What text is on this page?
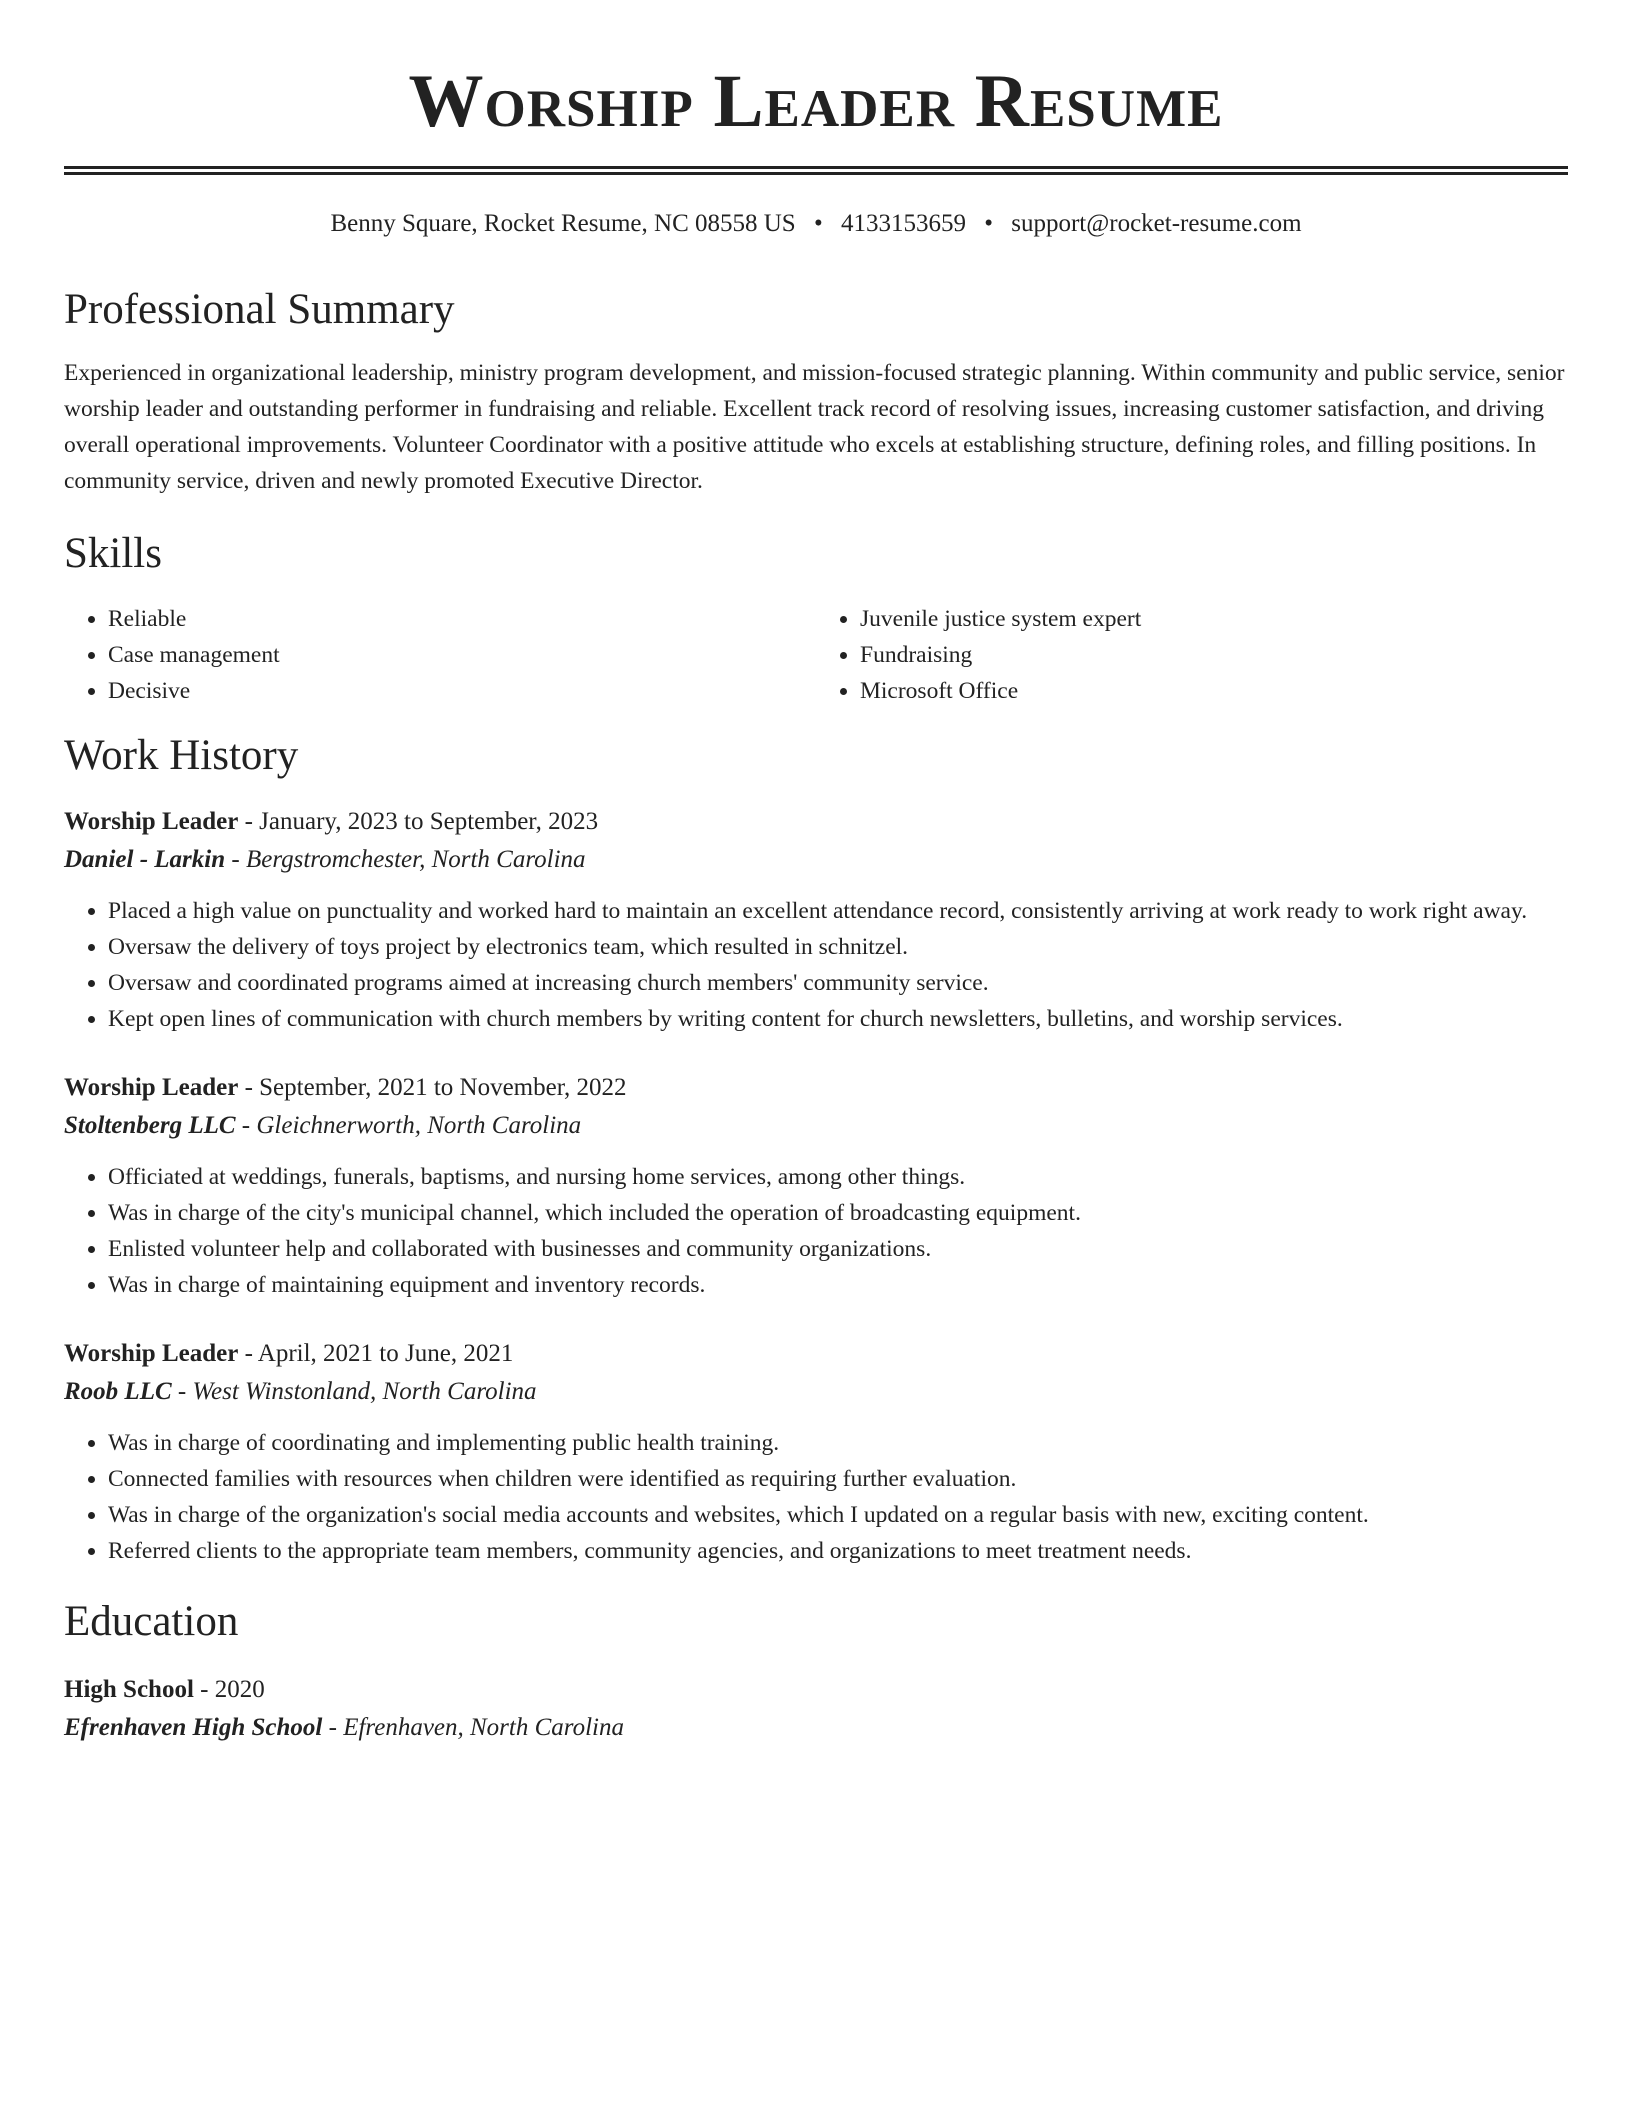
Worship Leader Resume
Benny Square, Rocket Resume, NC 08558 US • 4133153659 • support@rocket-resume.com
Professional Summary

Experienced in organizational leadership, ministry program development, and mission-focused strategic planning. Within community and public service, senior worship leader and outstanding performer in fundraising and reliable. Excellent track record of resolving issues, increasing customer satisfaction, and driving overall operational improvements. Volunteer Coordinator with a positive attitude who excels at establishing structure, defining roles, and filling positions. In community service, driven and newly promoted Executive Director.

Skills
• Reliable
• Case management
• Decisive
• Juvenile justice system expert
• Fundraising
• Microsoft Office
Work History
Worship Leader - January, 2023 to September, 2023
Daniel - Larkin - Bergstromchester, North Carolina
• Placed a high value on punctuality and worked hard to maintain an excellent attendance record, consistently arriving at work ready to work right away.
• Oversaw the delivery of toys project by electronics team, which resulted in schnitzel.
• Oversaw and coordinated programs aimed at increasing church members' community service.
• Kept open lines of communication with church members by writing content for church newsletters, bulletins, and worship services.
Worship Leader - September, 2021 to November, 2022
Stoltenberg LLC - Gleichnerworth, North Carolina
• Officiated at weddings, funerals, baptisms, and nursing home services, among other things.
• Was in charge of the city's municipal channel, which included the operation of broadcasting equipment.
• Enlisted volunteer help and collaborated with businesses and community organizations.
• Was in charge of maintaining equipment and inventory records.
Worship Leader - April, 2021 to June, 2021
Roob LLC - West Winstonland, North Carolina
• Was in charge of coordinating and implementing public health training.
• Connected families with resources when children were identified as requiring further evaluation.
• Was in charge of the organization's social media accounts and websites, which I updated on a regular basis with new, exciting content.
• Referred clients to the appropriate team members, community agencies, and organizations to meet treatment needs.
Education
High School - 2020
Efrenhaven High School - Efrenhaven, North Carolina
